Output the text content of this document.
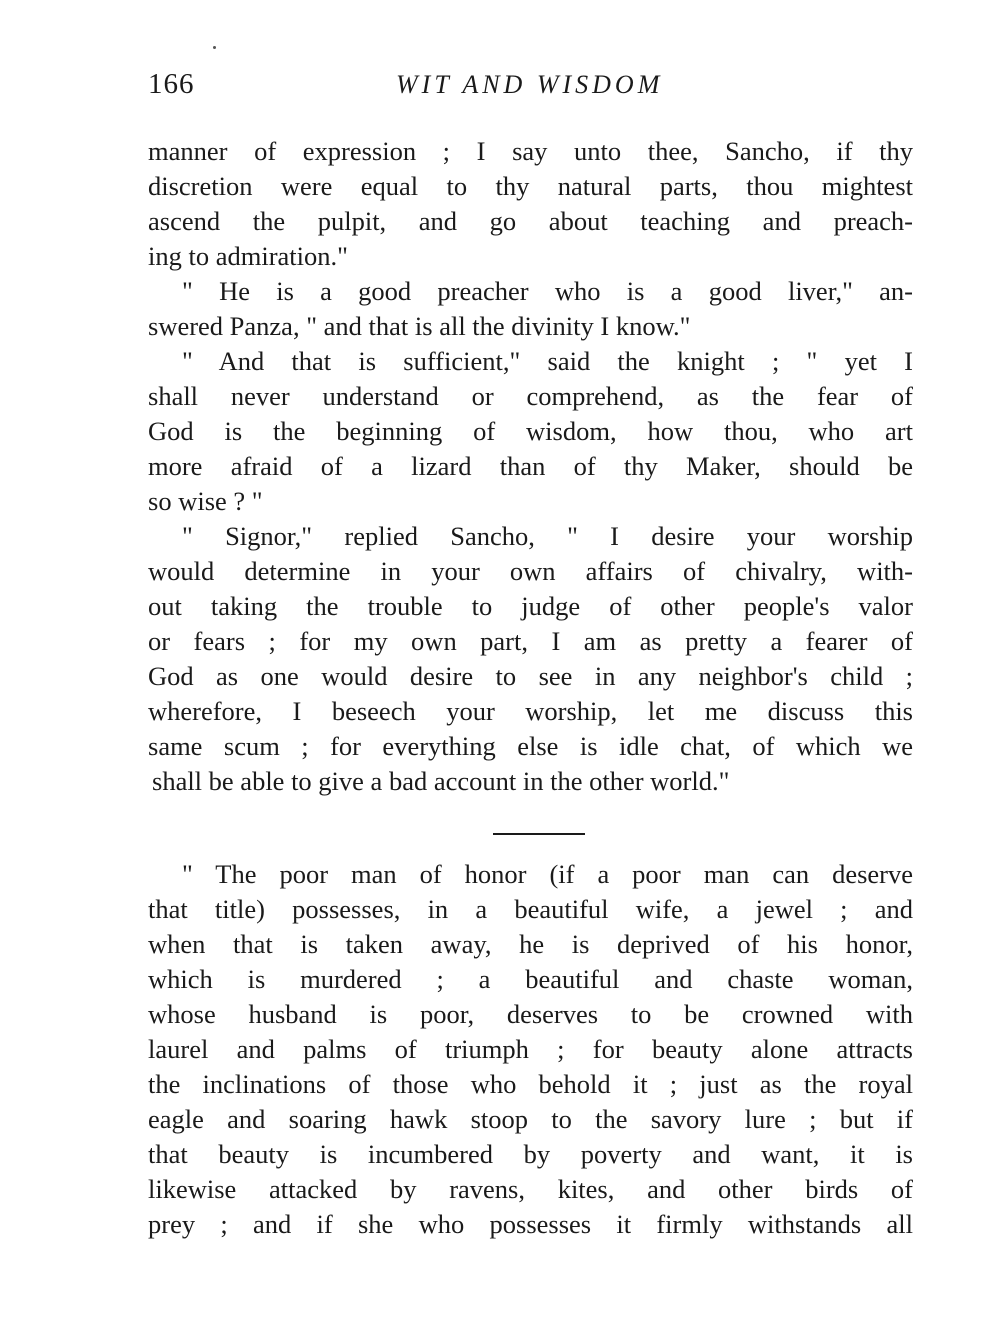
166	WIT AND WISDOM
manner of expression ; I say unto thee, Sancho, if thy
discretion were equal to thy natural parts, thou mightest
ascend the pulpit, and go about teaching and preach-
ing to admiration."
" He is a good preacher who is a good liver," an-
swered Panza, " and that is all the divinity I know."
" And that is sufficient," said the knight ; " yet I
shall never understand or comprehend, as the fear of
God is the beginning of wisdom, how thou, who art
more afraid of a lizard than of thy Maker, should be
so wise ? "
" Signor," replied Sancho, " I desire your worship
would determine in your own affairs of chivalry, with-
out taking the trouble to judge of other people's valor
or fears ; for my own part, I am as pretty a fearer of
God as one would desire to see in any neighbor's child ;
wherefore, I beseech your worship, let me discuss this
same scum ; for everything else is idle chat, of which we
shall be able to give a bad account in the other world."
" The poor man of honor (if a poor man can deserve
that title) possesses, in a beautiful wife, a jewel ; and
when that is taken away, he is deprived of his honor,
which is murdered ; a beautiful and chaste woman,
whose husband is poor, deserves to be crowned with
laurel and palms of triumph ; for beauty alone attracts
the inclinations of those who behold it ; just as the royal
eagle and soaring hawk stoop to the savory lure ; but if
that beauty is incumbered by poverty and want, it is
likewise attacked by ravens, kites, and other birds of
prey ; and if she who possesses it firmly withstands all
